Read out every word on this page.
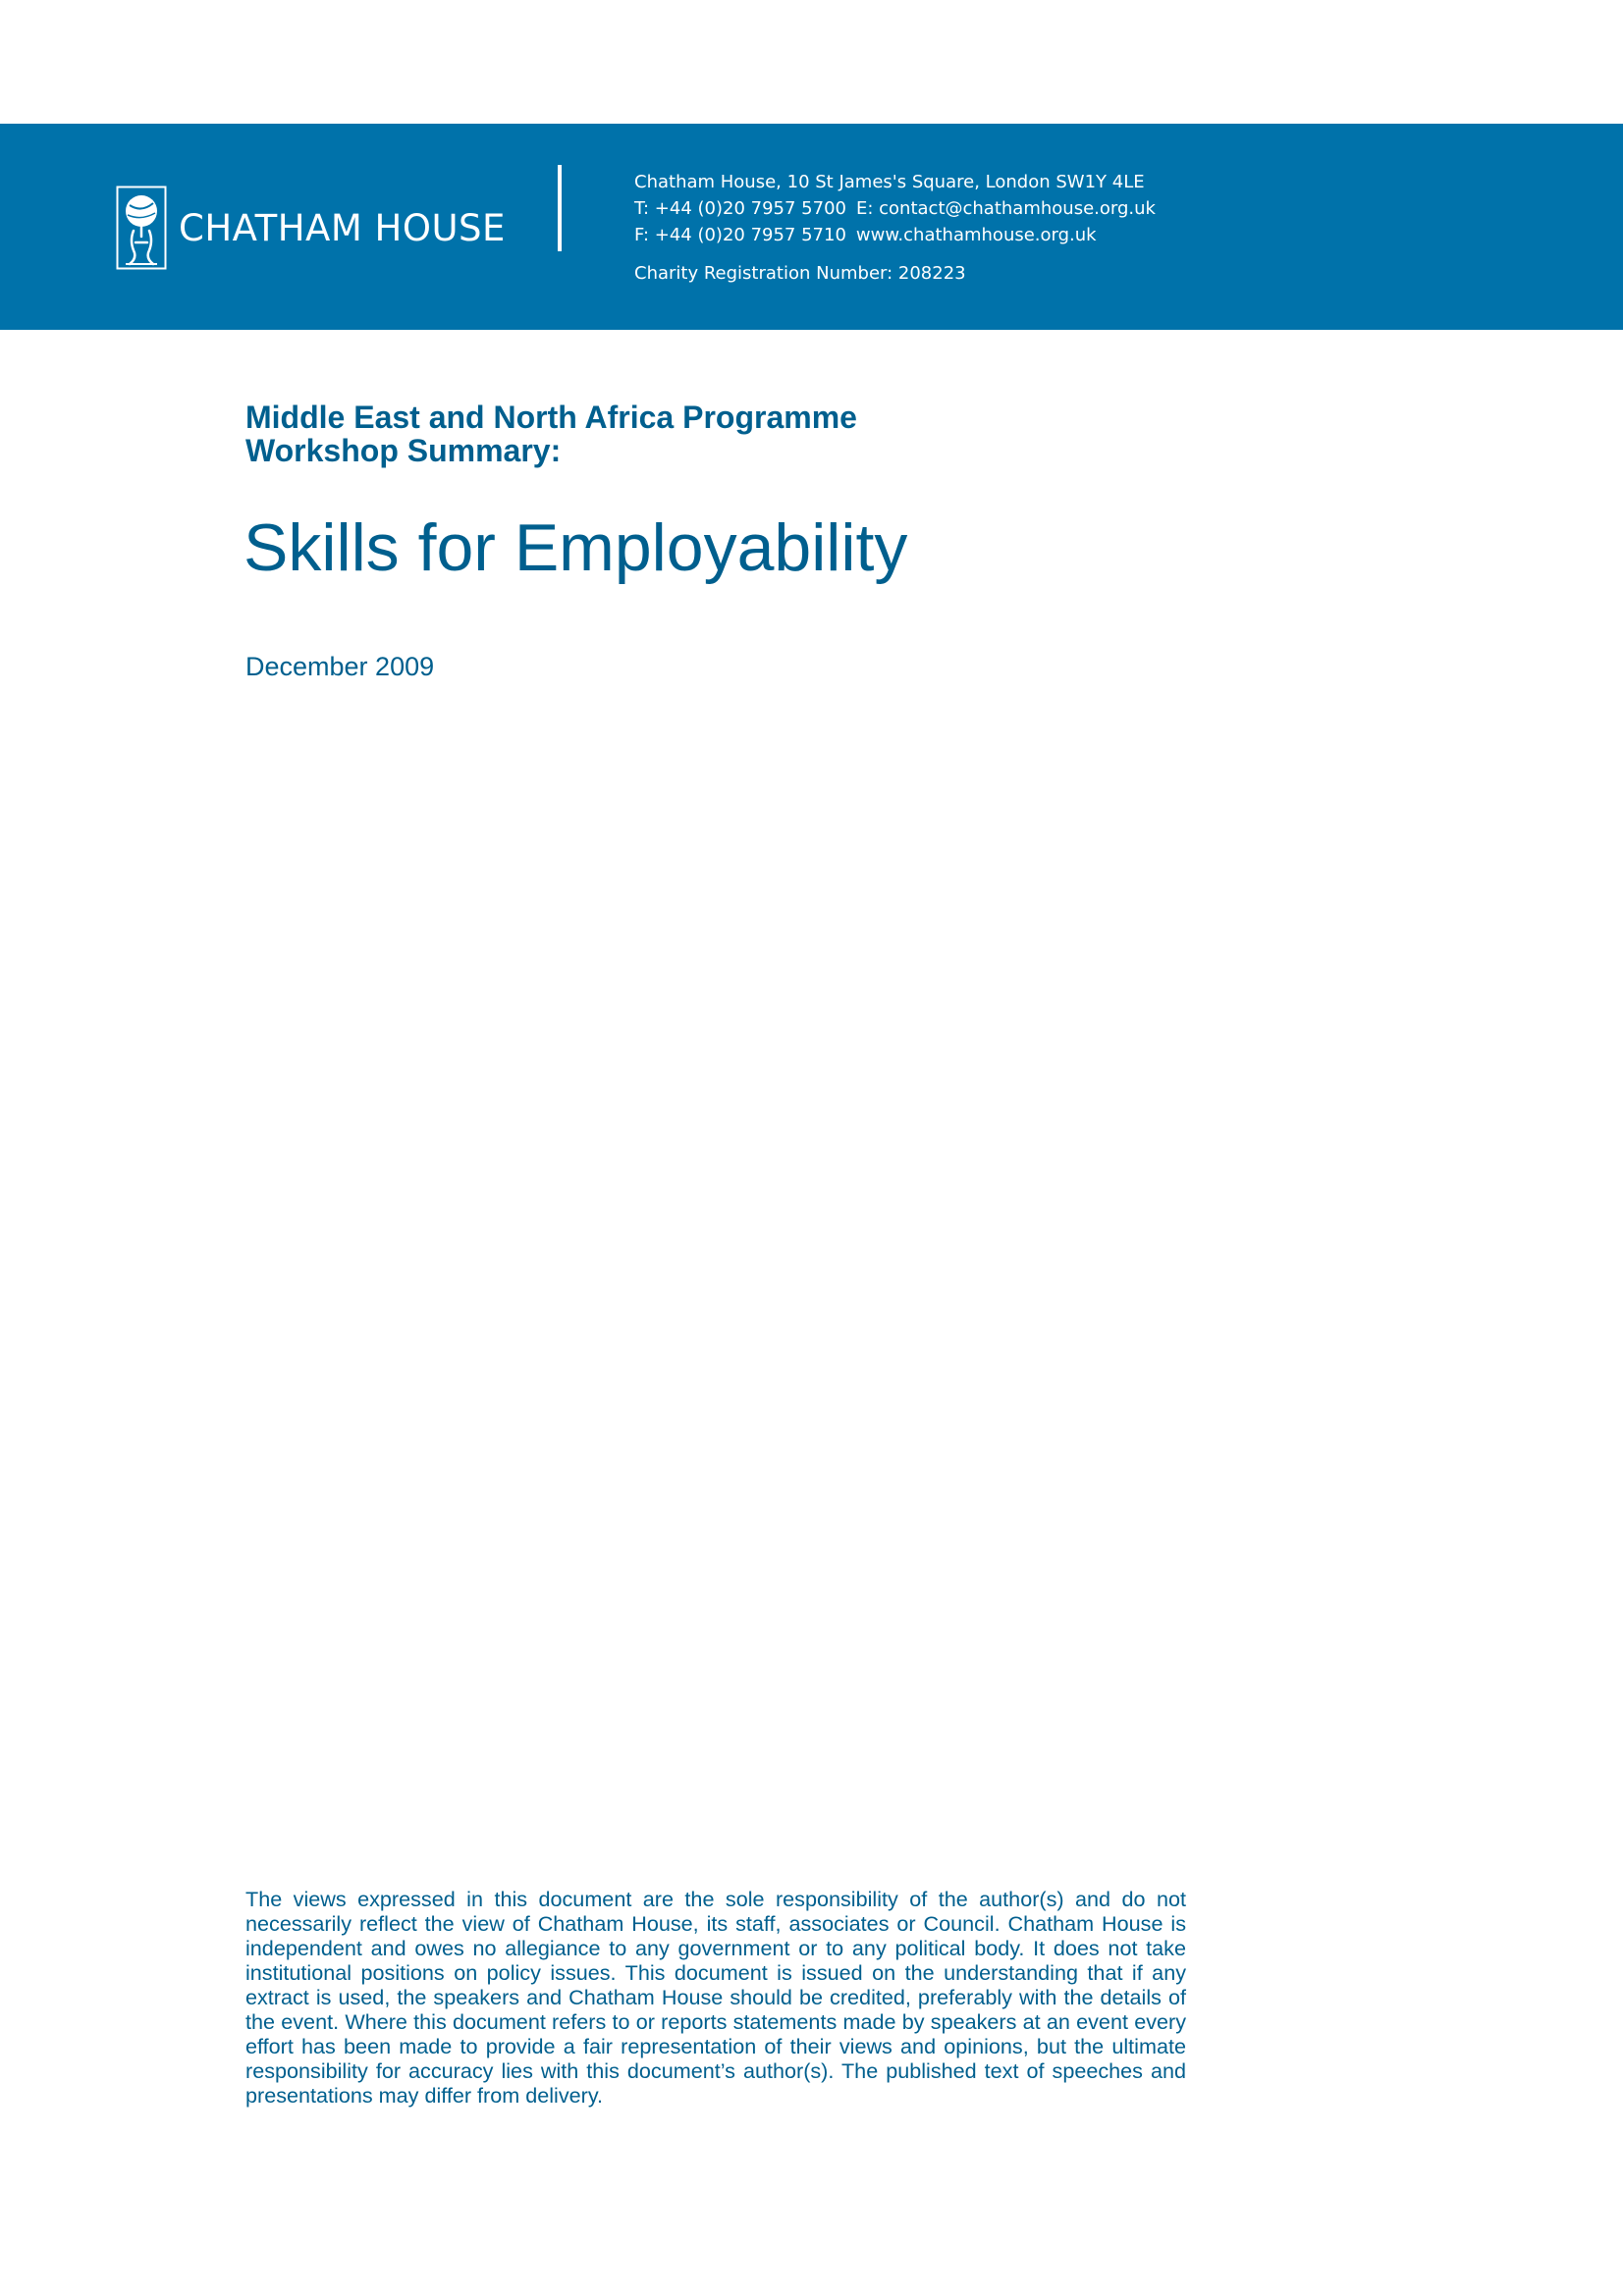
CHATHAM HOUSE
Chatham House, 10 St James's Square, London SW1Y 4LE
T: +44 (0)20 7957 5700 E: contact@chathamhouse.org.uk
F: +44 (0)20 7957 5710 www.chathamhouse.org.uk
Charity Registration Number: 208223
Middle East and North Africa Programme
Workshop Summary:
Skills for Employability
December 2009
The views expressed in this document are the sole responsibility of the author(s) and do not necessarily reflect the view of Chatham House, its staff, associates or Council. Chatham House is independent and owes no allegiance to any government or to any political body. It does not take institutional positions on policy issues. This document is issued on the understanding that if any extract is used, the speakers and Chatham House should be credited, preferably with the details of the event. Where this document refers to or reports statements made by speakers at an event every effort has been made to provide a fair representation of their views and opinions, but the ultimate responsibility for accuracy lies with this document’s author(s). The published text of speeches and presentations may differ from delivery.
